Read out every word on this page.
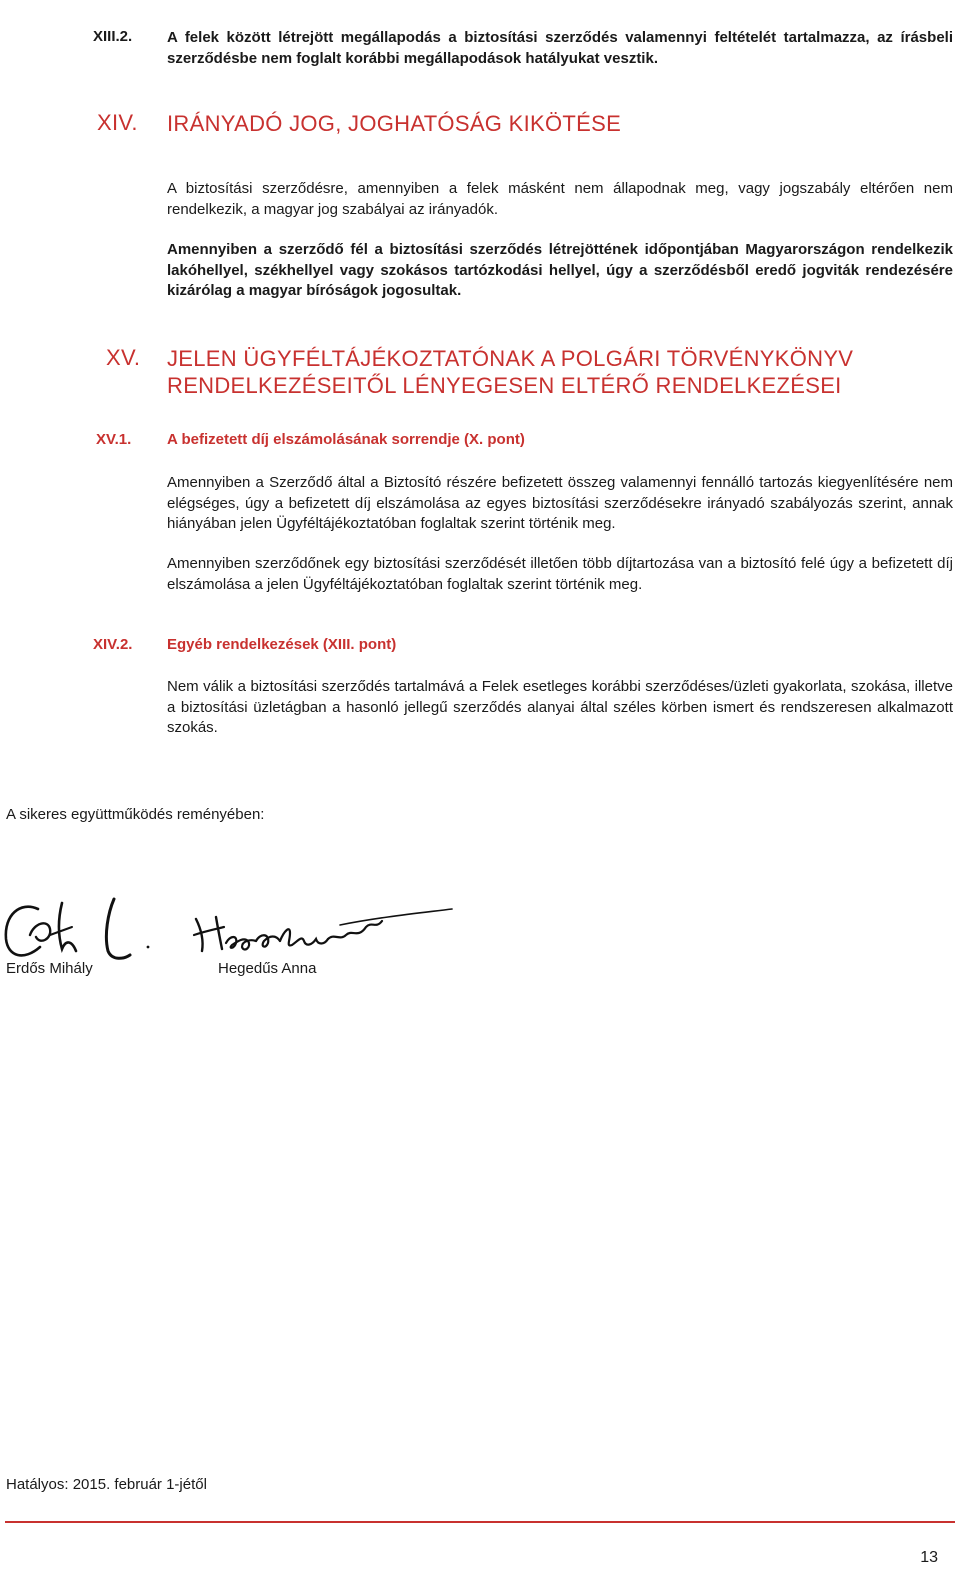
XIII.2. A felek között létrejött megállapodás a biztosítási szerződés valamennyi feltételét tartalmazza, az írásbeli szerződésbe nem foglalt korábbi megállapodások hatályukat vesztik.
XIV. IRÁNYADÓ JOG, JOGHATÓSÁG KIKÖTÉSE
A biztosítási szerződésre, amennyiben a felek másként nem állapodnak meg, vagy jogszabály eltérően nem rendelkezik, a magyar jog szabályai az irányadók.
Amennyiben a szerződő fél a biztosítási szerződés létrejöttének időpontjában Magyarországon rendelkezik lakóhellyel, székhellyel vagy szokásos tartózkodási hellyel, úgy a szerződésből eredő jogviták rendezésére kizárólag a magyar bíróságok jogosultak.
XV. JELEN ÜGYFÉLTÁJÉKOZTATÓNAK A POLGÁRI TÖRVÉNYKÖNYV RENDELKEZÉSEITŐL LÉNYEGESEN ELTÉRŐ RENDELKEZÉSEI
XV.1. A befizetett díj elszámolásának sorrendje (X. pont)
Amennyiben a Szerződő által a Biztosító részére befizetett összeg valamennyi fennálló tartozás kiegyenlítésére nem elégséges, úgy a befizetett díj elszámolása az egyes biztosítási szerződésekre irányadó szabályozás szerint, annak hiányában jelen Ügyféltájékoztatóban foglaltak szerint történik meg.
Amennyiben szerződőnek egy biztosítási szerződését illetően több díjtartozása van a biztosító felé úgy a befizetett díj elszámolása a jelen Ügyféltájékoztatóban foglaltak szerint történik meg.
XIV.2. Egyéb rendelkezések (XIII. pont)
Nem válik a biztosítási szerződés tartalmává a Felek esetleges korábbi szerződéses/üzleti gyakorlata, szokása, illetve a biztosítási üzletágban a hasonló jellegű szerződés alanyai által széles körben ismert és rendszeresen alkalmazott szokás.
A sikeres együttműködés reményében:
Erdős Mihály	Hegedűs Anna
Hatályos: 2015. február 1-jétől
13
